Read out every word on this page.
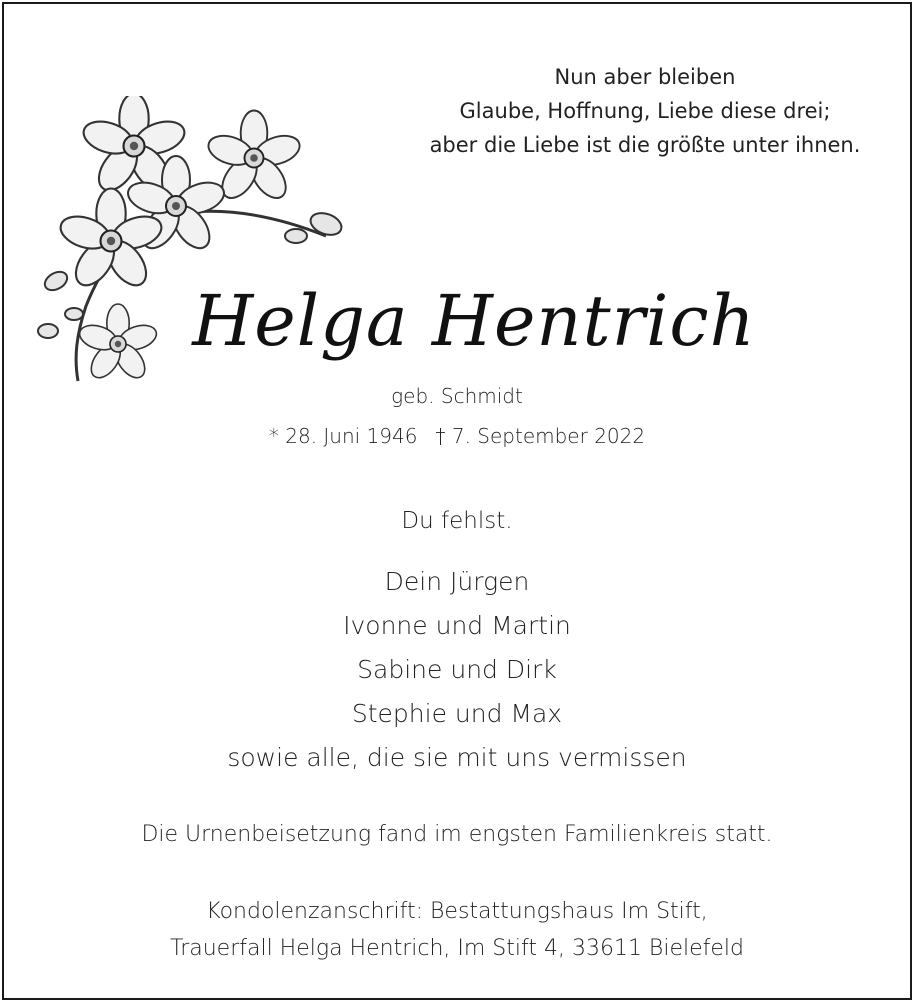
Nun aber bleiben
Glaube, Hoffnung, Liebe diese drei;
aber die Liebe ist die größte unter ihnen.
Helga Hentrich
geb. Schmidt
* 28. Juni 1946 † 7. September 2022
Du fehlst.
Dein Jürgen
Ivonne und Martin
Sabine und Dirk
Stephie und Max
sowie alle, die sie mit uns vermissen
Die Urnenbeisetzung fand im engsten Familienkreis statt.
Kondolenzanschrift: Bestattungshaus Im Stift,
Trauerfall Helga Hentrich, Im Stift 4, 33611 Bielefeld
